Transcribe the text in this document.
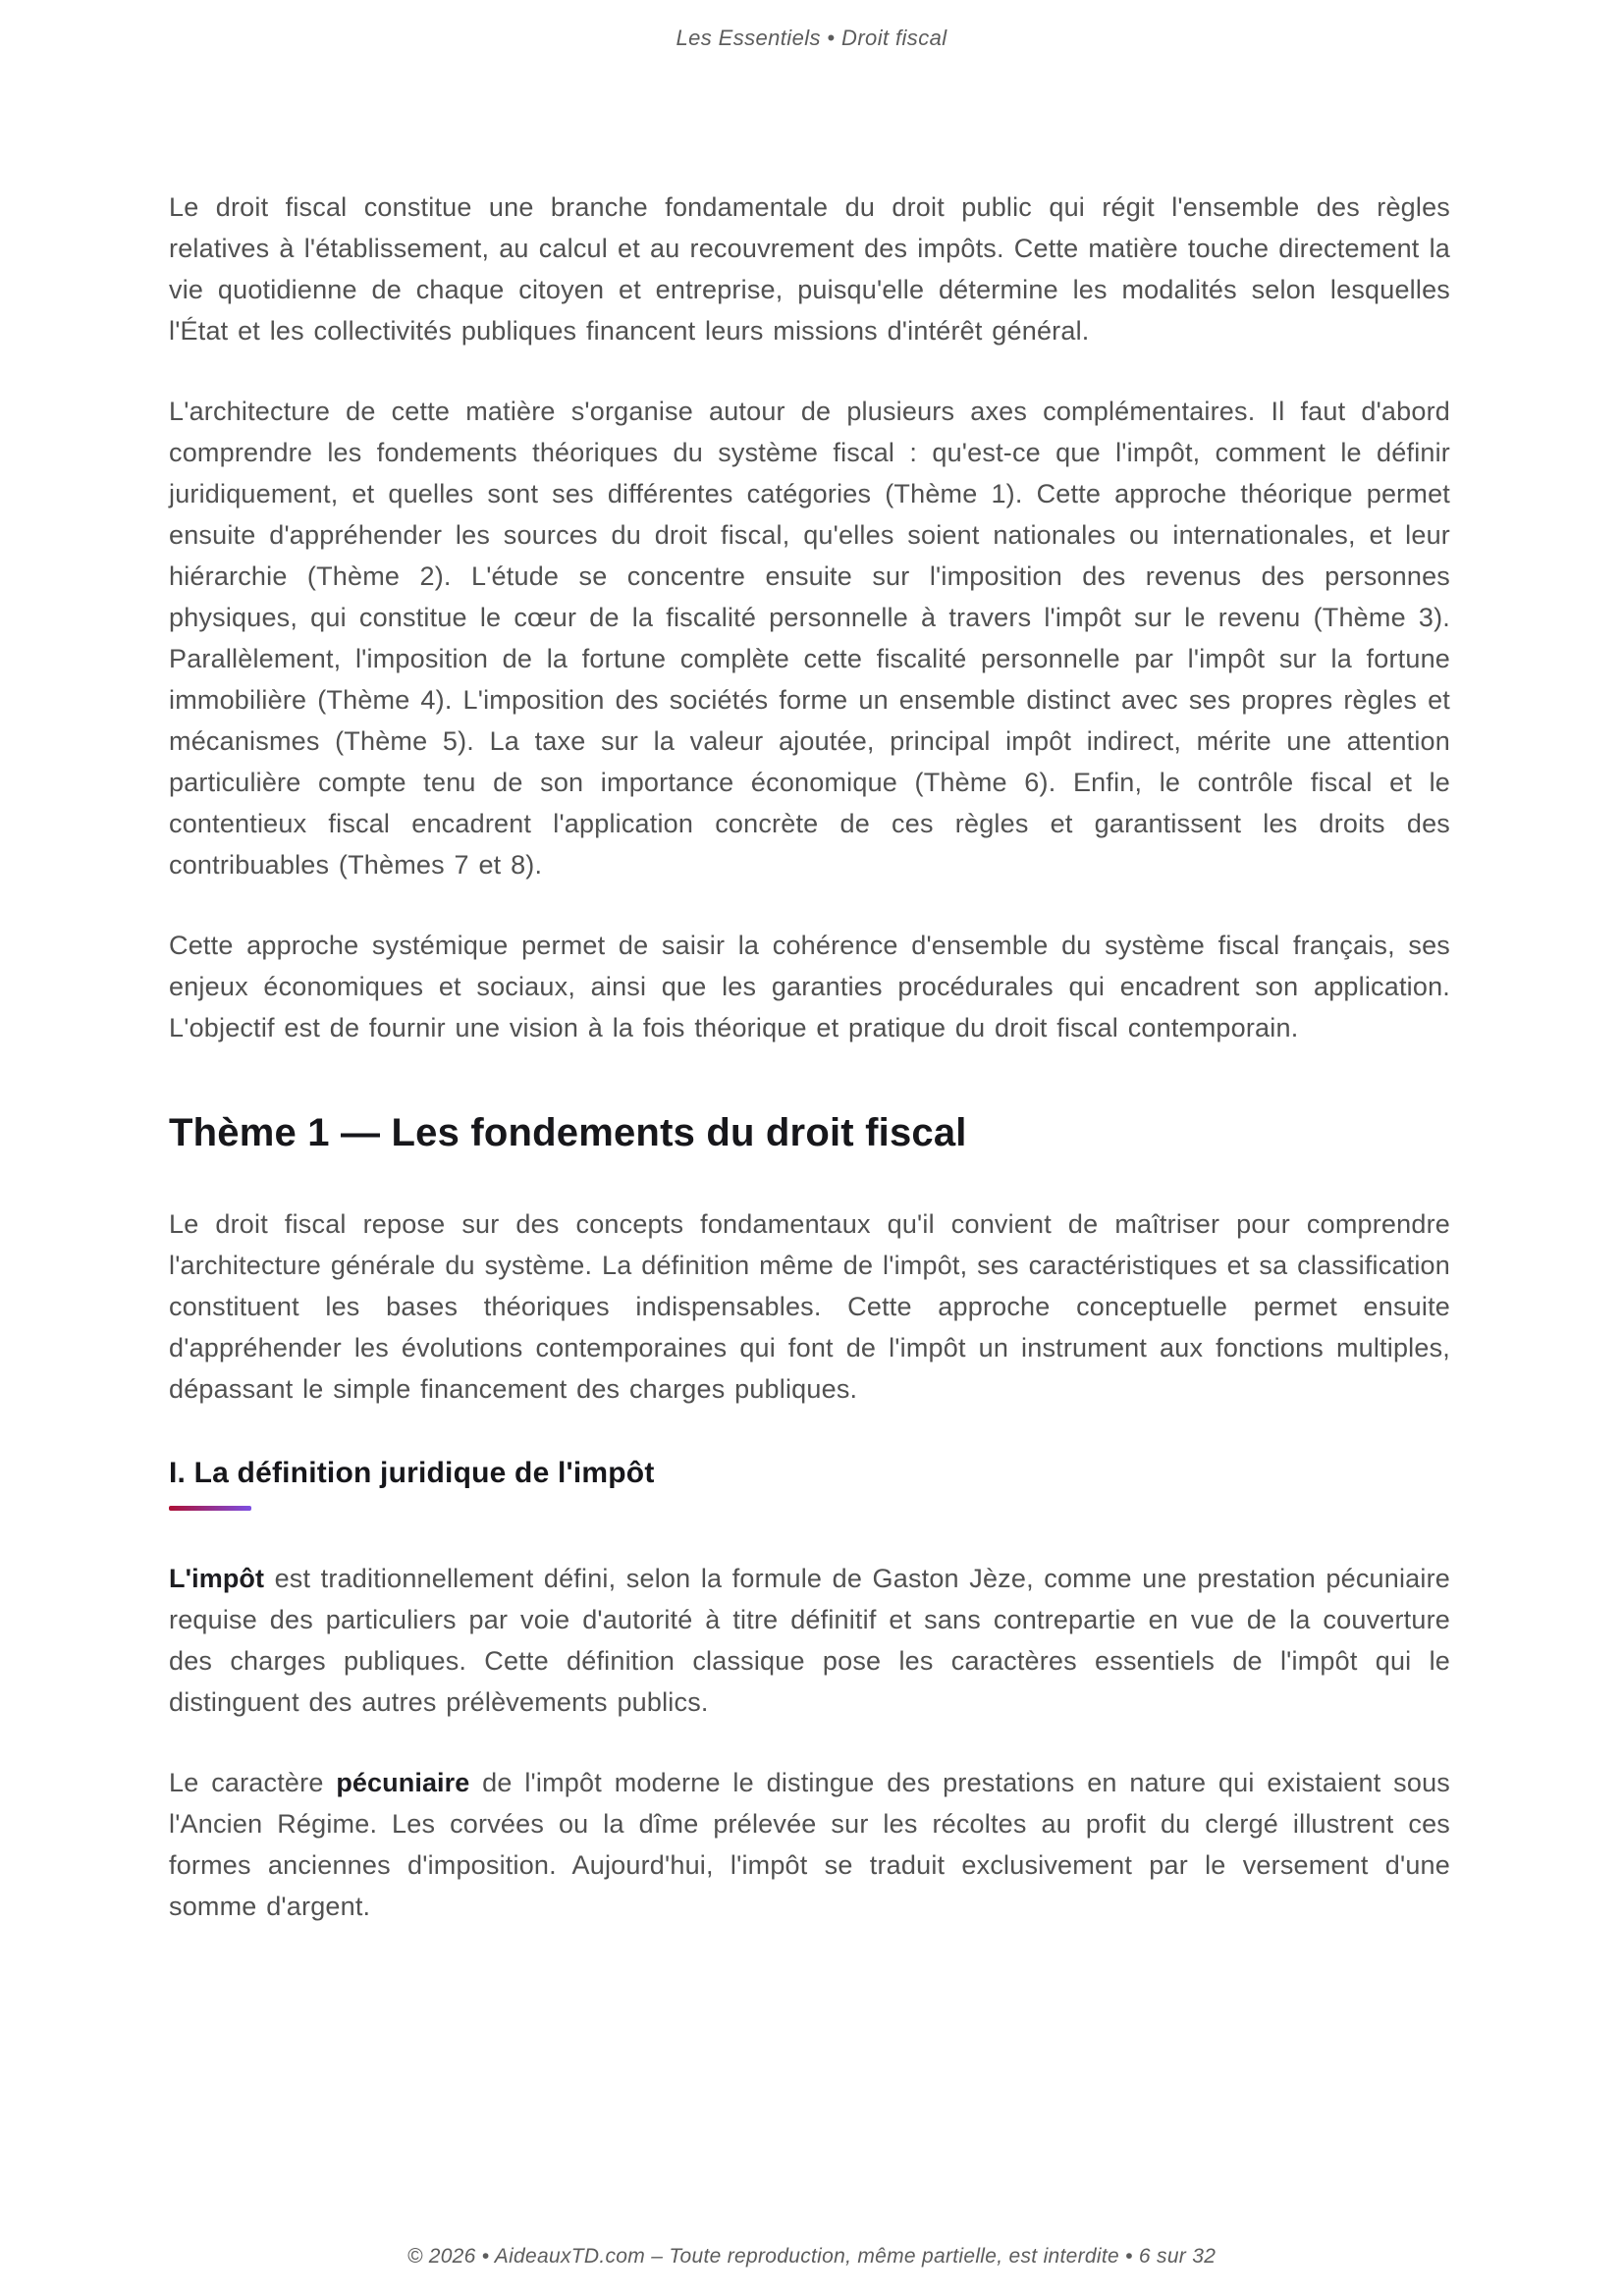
Les Essentiels • Droit fiscal

Le droit fiscal constitue une branche fondamentale du droit public qui régit l'ensemble des règles relatives à l'établissement, au calcul et au recouvrement des impôts. Cette matière touche directement la vie quotidienne de chaque citoyen et entreprise, puisqu'elle détermine les modalités selon lesquelles l'État et les collectivités publiques financent leurs missions d'intérêt général.

L'architecture de cette matière s'organise autour de plusieurs axes complémentaires. Il faut d'abord comprendre les fondements théoriques du système fiscal : qu'est-ce que l'impôt, comment le définir juridiquement, et quelles sont ses différentes catégories (Thème 1). Cette approche théorique permet ensuite d'appréhender les sources du droit fiscal, qu'elles soient nationales ou internationales, et leur hiérarchie (Thème 2). L'étude se concentre ensuite sur l'imposition des revenus des personnes physiques, qui constitue le cœur de la fiscalité personnelle à travers l'impôt sur le revenu (Thème 3). Parallèlement, l'imposition de la fortune complète cette fiscalité personnelle par l'impôt sur la fortune immobilière (Thème 4). L'imposition des sociétés forme un ensemble distinct avec ses propres règles et mécanismes (Thème 5). La taxe sur la valeur ajoutée, principal impôt indirect, mérite une attention particulière compte tenu de son importance économique (Thème 6). Enfin, le contrôle fiscal et le contentieux fiscal encadrent l'application concrète de ces règles et garantissent les droits des contribuables (Thèmes 7 et 8).

Cette approche systémique permet de saisir la cohérence d'ensemble du système fiscal français, ses enjeux économiques et sociaux, ainsi que les garanties procédurales qui encadrent son application. L'objectif est de fournir une vision à la fois théorique et pratique du droit fiscal contemporain.

Thème 1 — Les fondements du droit fiscal

Le droit fiscal repose sur des concepts fondamentaux qu'il convient de maîtriser pour comprendre l'architecture générale du système. La définition même de l'impôt, ses caractéristiques et sa classification constituent les bases théoriques indispensables. Cette approche conceptuelle permet ensuite d'appréhender les évolutions contemporaines qui font de l'impôt un instrument aux fonctions multiples, dépassant le simple financement des charges publiques.

I. La définition juridique de l'impôt

L'impôt est traditionnellement défini, selon la formule de Gaston Jèze, comme une prestation pécuniaire requise des particuliers par voie d'autorité à titre définitif et sans contrepartie en vue de la couverture des charges publiques. Cette définition classique pose les caractères essentiels de l'impôt qui le distinguent des autres prélèvements publics.

Le caractère pécuniaire de l'impôt moderne le distingue des prestations en nature qui existaient sous l'Ancien Régime. Les corvées ou la dîme prélevée sur les récoltes au profit du clergé illustrent ces formes anciennes d'imposition. Aujourd'hui, l'impôt se traduit exclusivement par le versement d'une somme d'argent.

© 2026 • AideauxTD.com – Toute reproduction, même partielle, est interdite • 6 sur 32
